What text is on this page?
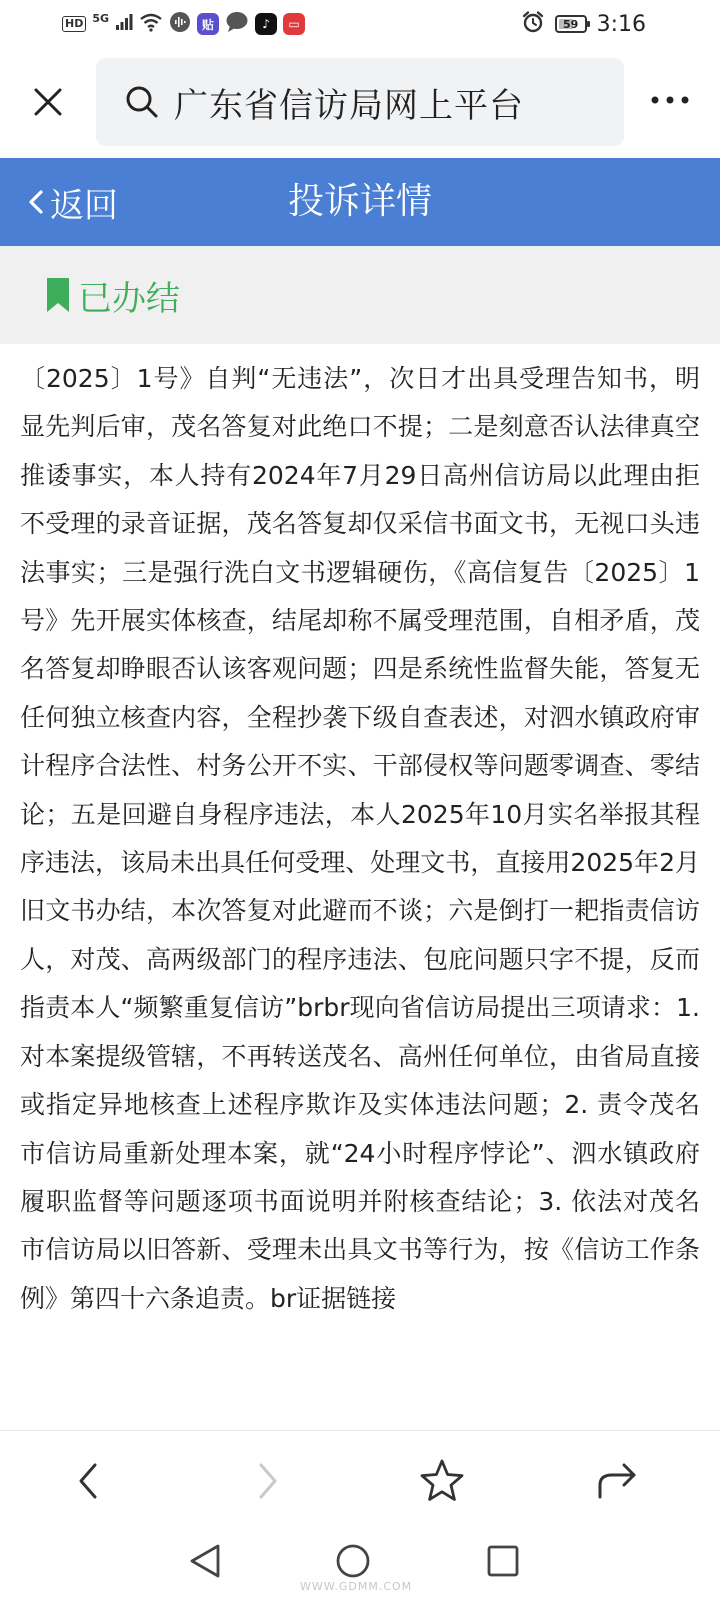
HD 5G	贴	♪	▭	59 3:16
广东省信访局网上平台
投诉详情
返回
已办结
〔2025〕1号》自判“无违法”，次日才出具受理告知书，明显先判后审，茂名答复对此绝口不提；二是刻意否认法律真空推诿事实，本人持有2024年7月29日高州信访局以此理由拒不受理的录音证据，茂名答复却仅采信书面文书，无视口头违法事实；三是强行洗白文书逻辑硬伤，《高信复告〔2025〕1号》先开展实体核查，结尾却称不属受理范围，自相矛盾，茂名答复却睁眼否认该客观问题；四是系统性监督失能，答复无任何独立核查内容，全程抄袭下级自查表述，对泗水镇政府审计程序合法性、村务公开不实、干部侵权等问题零调查、零结论；五是回避自身程序违法，本人2025年10月实名举报其程序违法，该局未出具任何受理、处理文书，直接用2025年2月旧文书办结，本次答复对此避而不谈；六是倒打一耙指责信访人，对茂、高两级部门的程序违法、包庇问题只字不提，反而指责本人“频繁重复信访”brbr现向省信访局提出三项请求：1. 对本案提级管辖，不再转送茂名、高州任何单位，由省局直接或指定异地核查上述程序欺诈及实体违法问题；2. 责令茂名市信访局重新处理本案，就“24小时程序悖论”、泗水镇政府履职监督等问题逐项书面说明并附核查结论；3. 依法对茂名市信访局以旧答新、受理未出具文书等行为，按《信访工作条例》第四十六条追责。br证据链接
WWW.GDMM.COM
